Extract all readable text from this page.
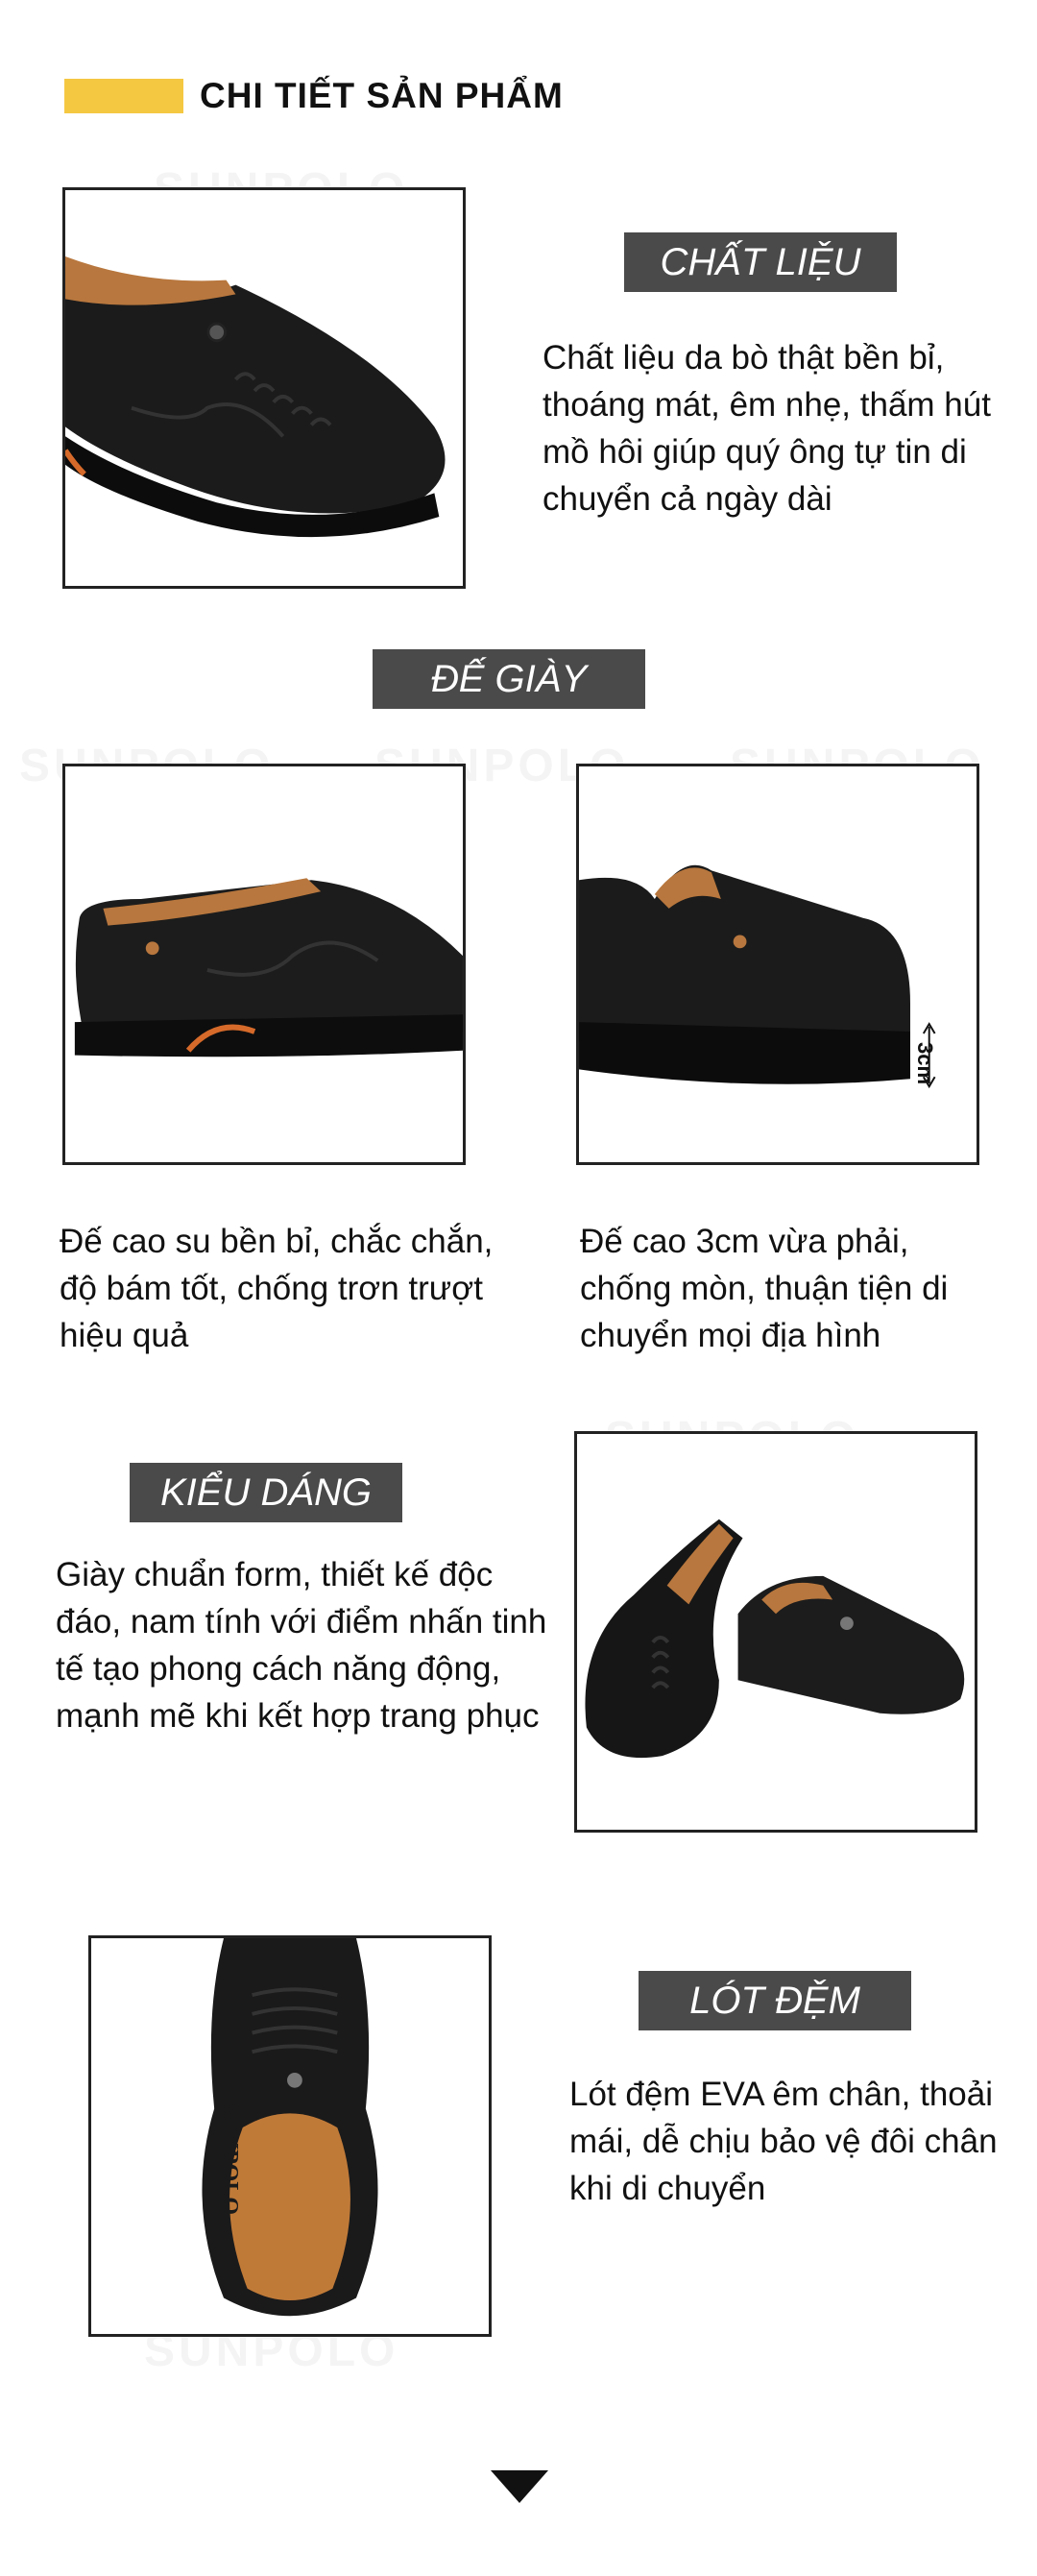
CHI TIẾT SẢN PHẨM
CHẤT LIỆU
Chất liệu da bò thật bền bỉ, thoáng mát, êm nhẹ, thấm hút mồ hôi giúp quý ông tự tin di chuyển cả ngày dài
ĐẾ GIÀY
3cm
Đế cao su bền bỉ, chắc chắn, độ bám tốt, chống trơn trượt hiệu quả
Đế cao 3cm vừa phải, chống mòn, thuận tiện di chuyển mọi địa hình
KIỂU DÁNG
Giày chuẩn form, thiết kế độc đáo, nam tính với điểm nhấn tinh tế tạo phong cách năng động, mạnh mẽ khi kết hợp trang phục
SUNPOLO
LÓT ĐỆM
Lót đệm EVA êm chân, thoải mái, dễ chịu bảo vệ đôi chân khi di chuyển
